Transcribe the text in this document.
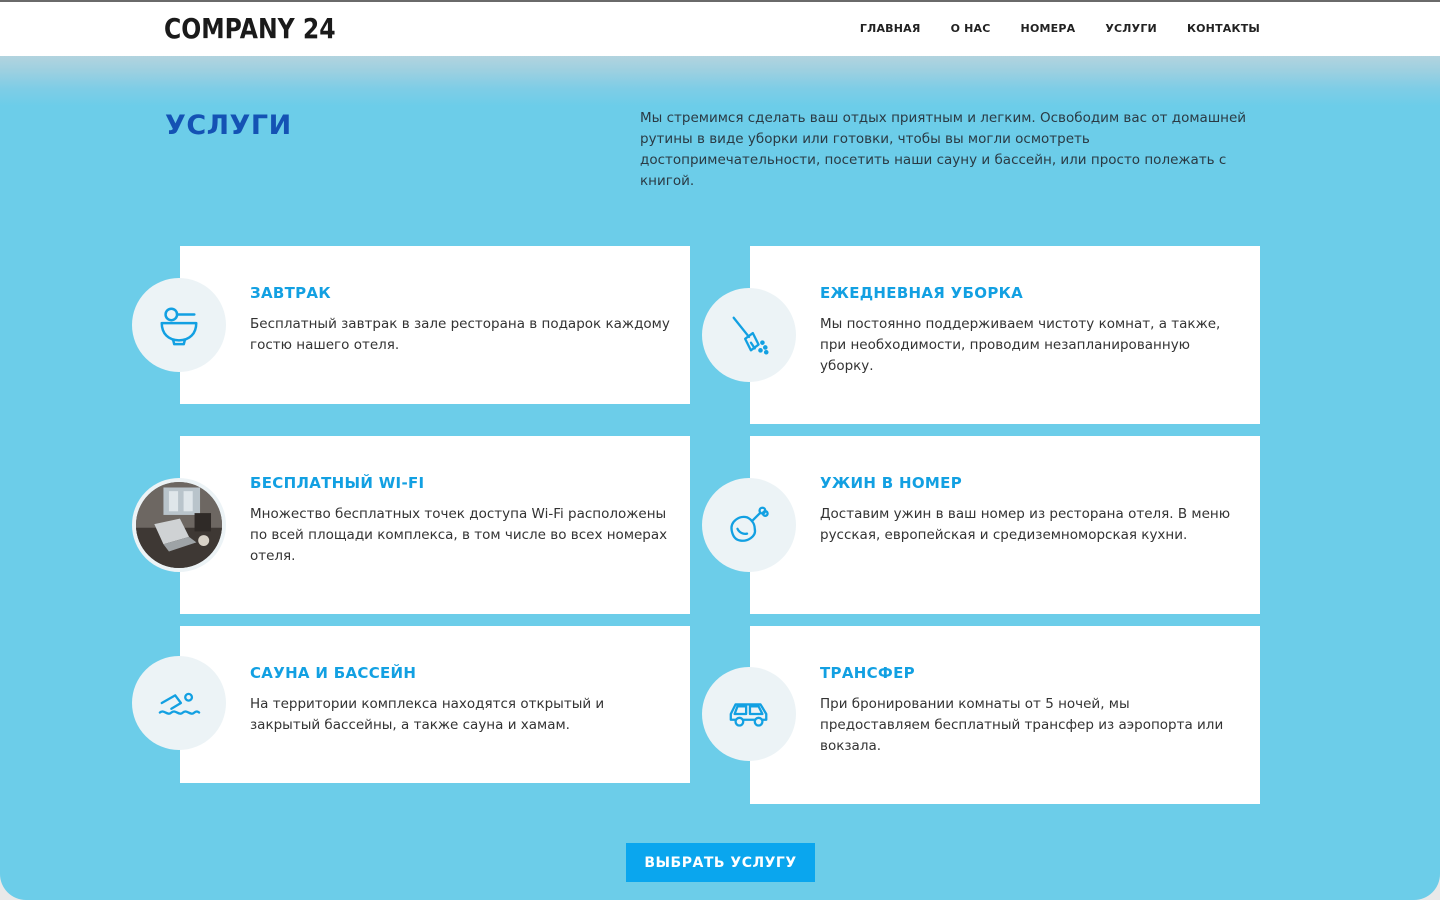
COMPANY 24	ГЛАВНАЯ	О НАС	НОМЕРА	УСЛУГИ	КОНТАКТЫ
УСЛУГИ	Мы стремимся сделать ваш отдых приятным и легким. Освободим вас от домашней рутины в виде уборки или готовки, чтобы вы могли осмотреть достопримечательности, посетить наши сауну и бассейн, или просто полежать с книгой.

ЗАВТРАК
Бесплатный завтрак в зале ресторана в подарок каждому гостю нашего отеля.
ЕЖЕДНЕВНАЯ УБОРКА
Мы постоянно поддерживаем чистоту комнат, а также, при необходимости, проводим незапланированную уборку.
БЕСПЛАТНЫЙ WI-FI
Множество бесплатных точек доступа Wi-Fi расположены по всей площади комплекса, в том числе во всех номерах отеля.
УЖИН В НОМЕР
Доставим ужин в ваш номер из ресторана отеля. В меню русская, европейская и средиземноморская кухни.
САУНА И БАССЕЙН
На территории комплекса находятся открытый и закрытый бассейны, а также сауна и хамам.
ТРАНСФЕР
При бронировании комнаты от 5 ночей, мы предоставляем бесплатный трансфер из аэропорта или вокзала.
ВЫБРАТЬ УСЛУГУ
